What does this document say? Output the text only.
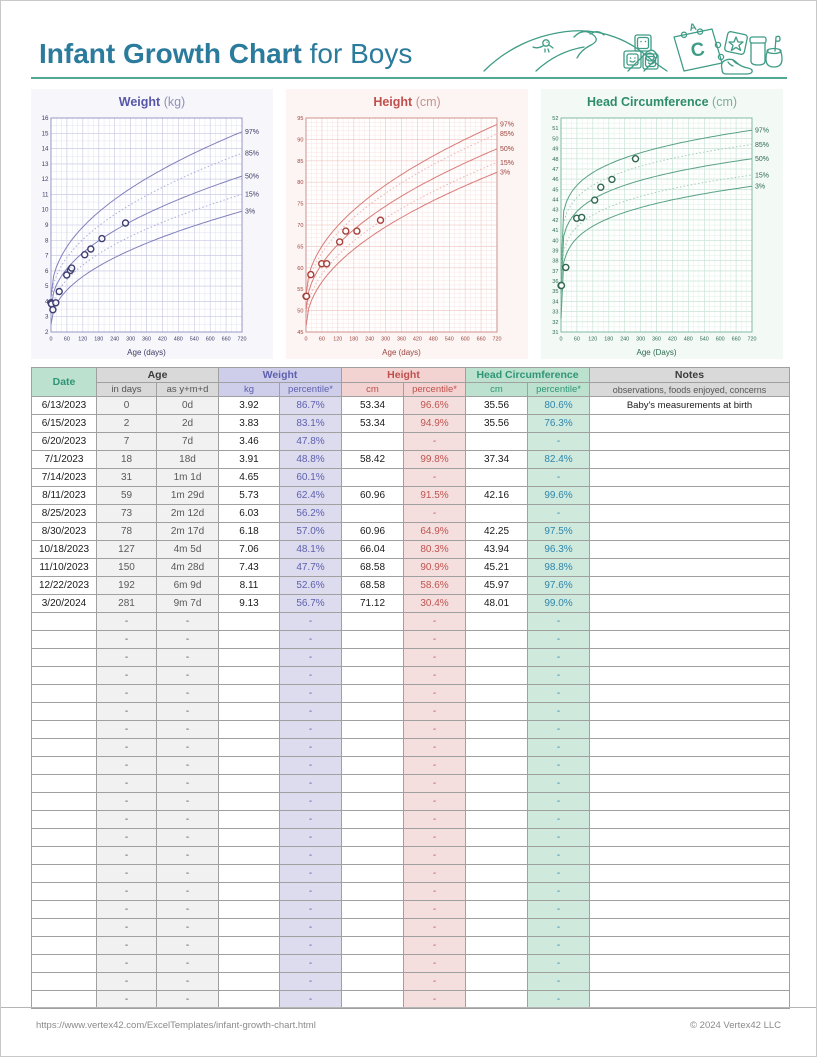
Infant Growth Chart for Boys	C
A
Weight (kg)
97%
85%
50%
15%
3%
2
3
4
5
6
7
8
9
10
11
12
13
14
15
16
0 60 120 180 240 300 360 420 480 540 600 660 720
Age (days)
Height (cm)
97%
85%
50%
15%
3%
45
50
55
60
65
70
75
80
85
90
95
0 60 120 180 240 300 360 420 480 540 600 660 720
Age (days)
Head Circumference (cm)
97%
85%
50%
15%
3%
31
32
33
34
35
36
37
38
39
40
41
42
43
44
45
46
47
48
49
50
51
52
0 60 120 180 240 300 360 420 480 540 600 660 720
Age (Days)
Date	Age		Weight		Height		Head Circumference		Notes
	in days	as y+m+d	kg	percentile*	cm	percentile*	cm	percentile*	observations, foods enjoyed, concerns
6/13/2023	0	0d	3.92	86.7%	53.34	96.6%	35.56	80.6%	Baby's measurements at birth
6/15/2023	2	2d	3.83	83.1%	53.34	94.9%	35.56	76.3%	
6/20/2023	7	7d	3.46	47.8%		-		-	
7/1/2023	18	18d	3.91	48.8%	58.42	99.8%	37.34	82.4%	
7/14/2023	31	1m 1d	4.65	60.1%		-		-	
8/11/2023	59	1m 29d	5.73	62.4%	60.96	91.5%	42.16	99.6%	
8/25/2023	73	2m 12d	6.03	56.2%		-		-	
8/30/2023	78	2m 17d	6.18	57.0%	60.96	64.9%	42.25	97.5%	
10/18/2023	127	4m 5d	7.06	48.1%	66.04	80.3%	43.94	96.3%	
11/10/2023	150	4m 28d	7.43	47.7%	68.58	90.9%	45.21	98.8%	
12/22/2023	192	6m 9d	8.11	52.6%	68.58	58.6%	45.97	97.6%	
3/20/2024	281	9m 7d	9.13	56.7%	71.12	30.4%	48.01	99.0%	
	-	-		-		-		-	
	-	-		-		-		-	
	-	-		-		-		-	
	-	-		-		-		-	
	-	-		-		-		-	
	-	-		-		-		-	
	-	-		-		-		-	
	-	-		-		-		-	
	-	-		-		-		-	
	-	-		-		-		-	
	-	-		-		-		-	
	-	-		-		-		-	
	-	-		-		-		-	
	-	-		-		-		-	
	-	-		-		-		-	
	-	-		-		-		-	
	-	-		-		-		-	
	-	-		-		-		-	
	-	-		-		-		-	
	-	-		-		-		-	
	-	-		-		-		-	
	-	-		-		-		-	
https://www.vertex42.com/ExcelTemplates/infant-growth-chart.html	© 2024 Vertex42 LLC
